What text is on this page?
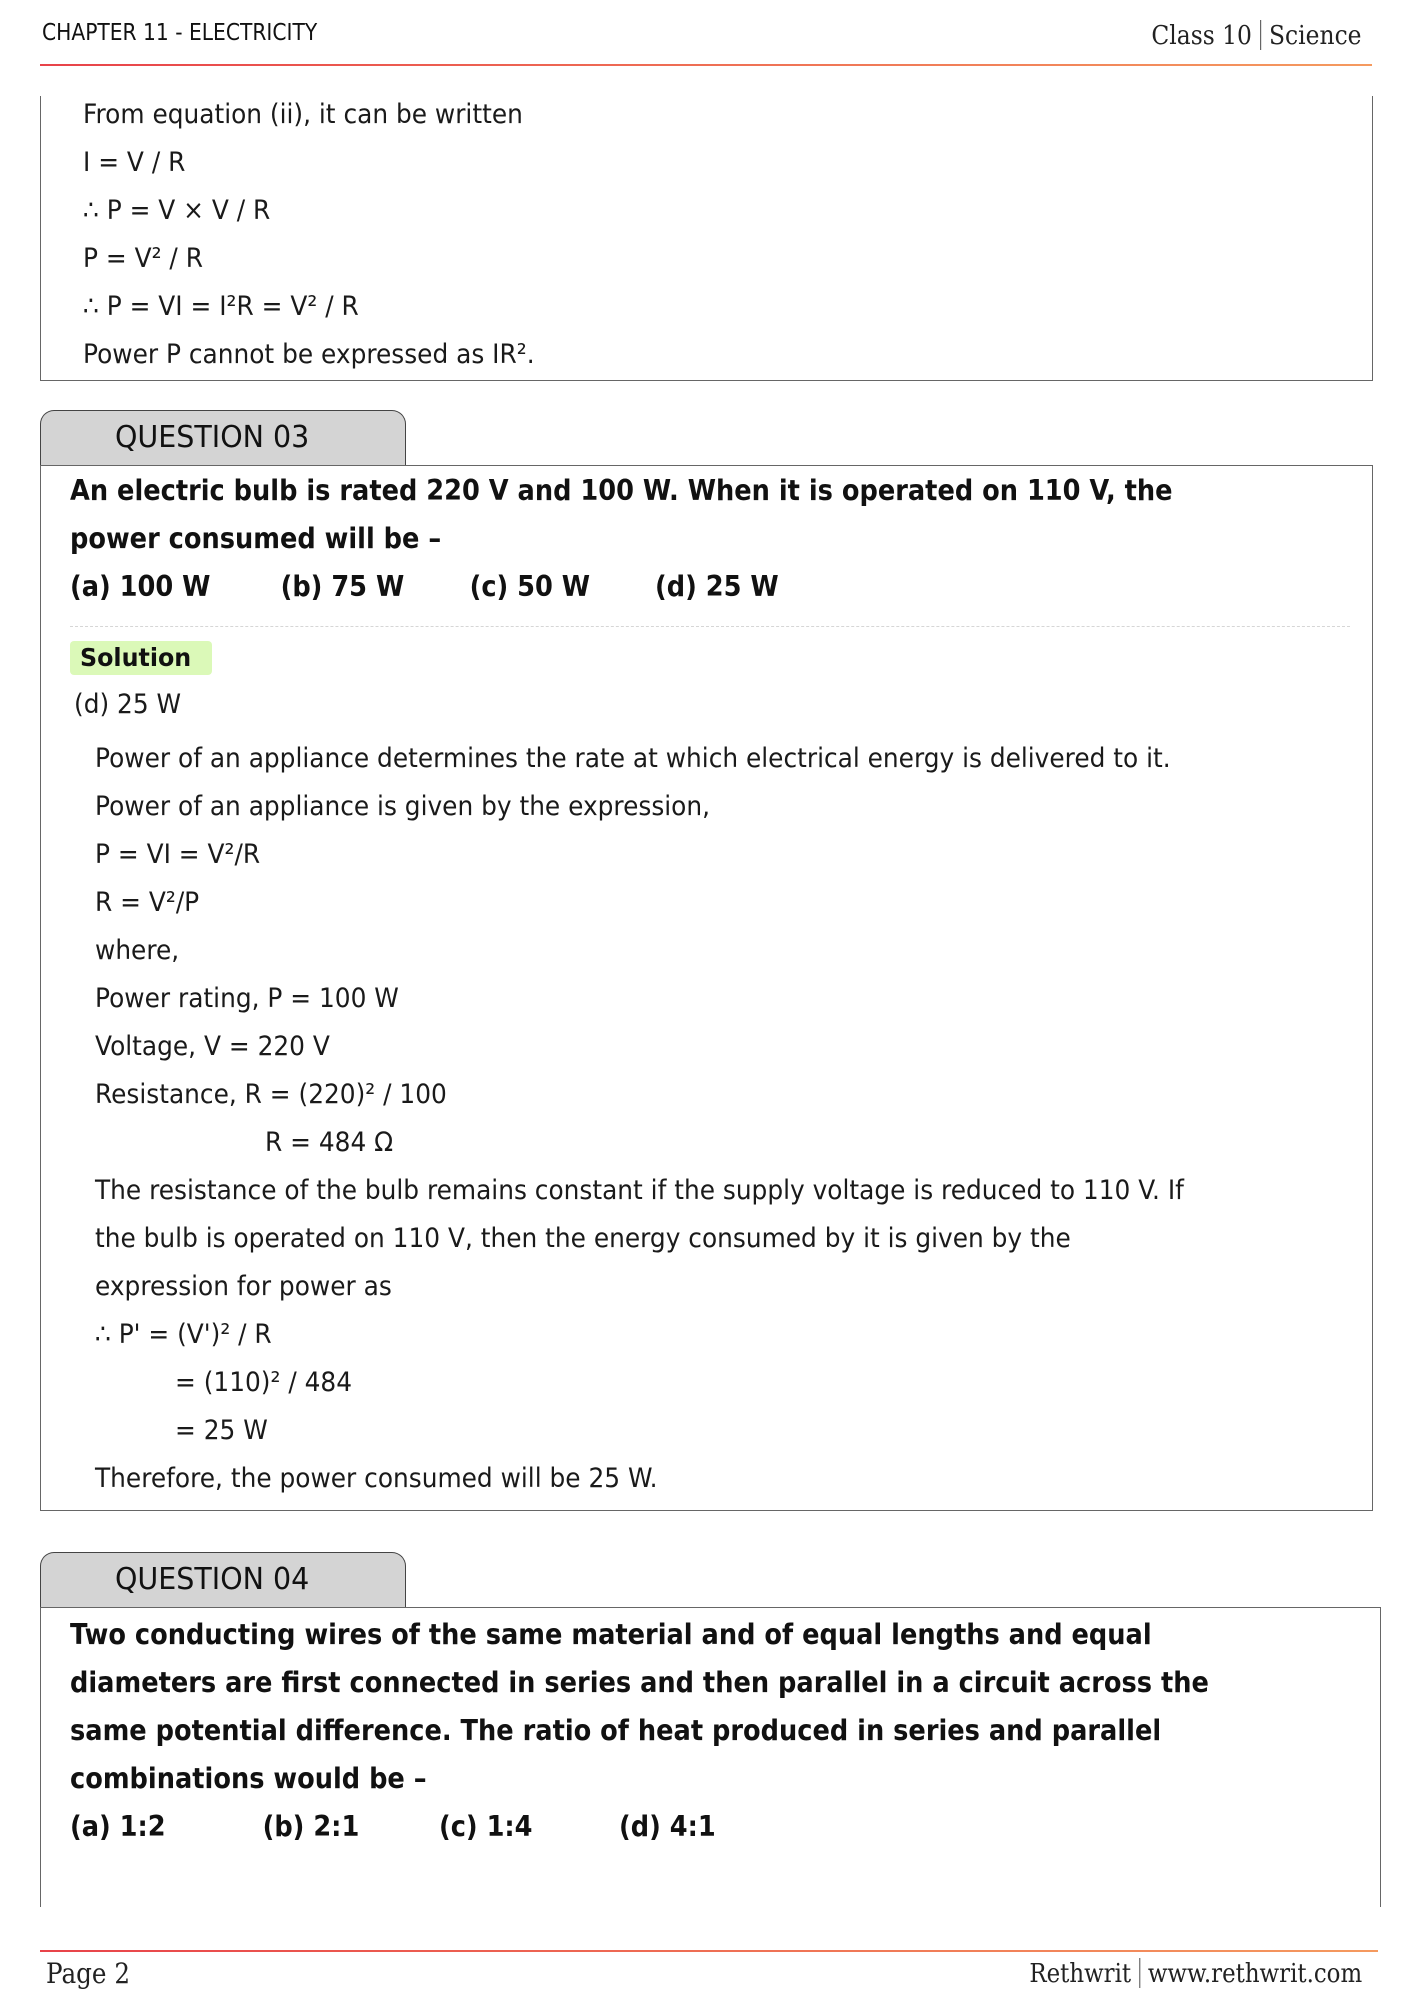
CHAPTER 11 - ELECTRICITY	Class 10 Science
From equation (ii), it can be written
I = V / R
∴ P = V × V / R
P = V² / R
∴ P = VI = I²R = V² / R
Power P cannot be expressed as IR².
QUESTION 03
An electric bulb is rated 220 V and 100 W. When it is operated on 110 V, the
power consumed will be –
(a) 100 W (b) 75 W (c) 50 W (d) 25 W
Solution
(d) 25 W
Power of an appliance determines the rate at which electrical energy is delivered to it.
Power of an appliance is given by the expression,
P = VI = V²/R
R = V²/P
where,
Power rating, P = 100 W
Voltage, V = 220 V
Resistance, R = (220)² / 100
R = 484 Ω
The resistance of the bulb remains constant if the supply voltage is reduced to 110 V. If
the bulb is operated on 110 V, then the energy consumed by it is given by the
expression for power as
∴ P' = (V')² / R
= (110)² / 484
= 25 W
Therefore, the power consumed will be 25 W.
QUESTION 04
Two conducting wires of the same material and of equal lengths and equal
diameters are first connected in series and then parallel in a circuit across the
same potential difference. The ratio of heat produced in series and parallel
combinations would be –
(a) 1:2	(b) 2:1	(c) 1:4	(d) 4:1
Page 2	Rethwrit www.rethwrit.com
